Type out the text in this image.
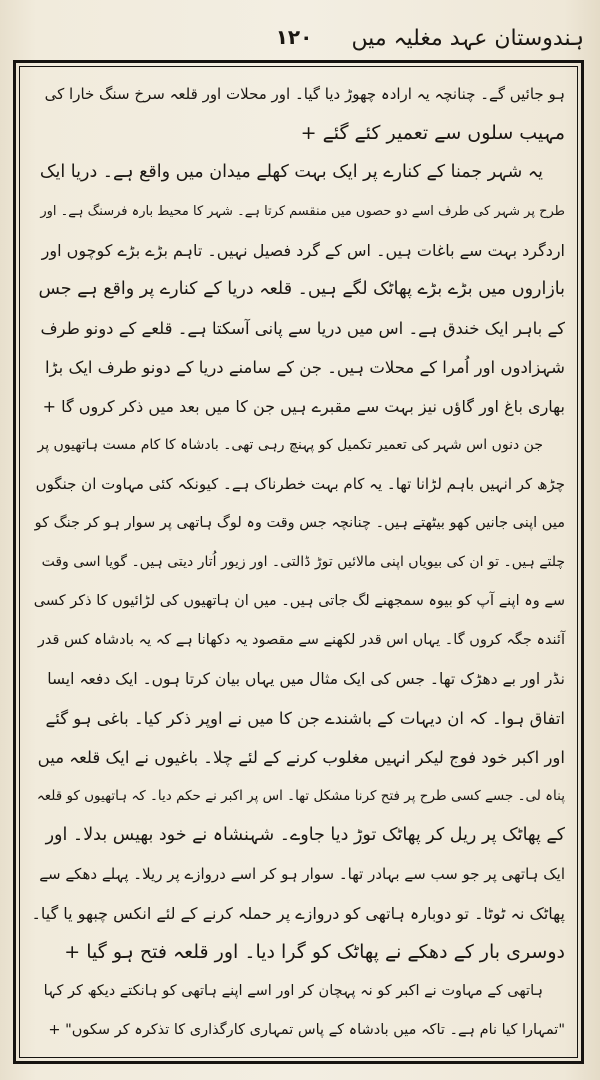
ہندوستان عہد مغلیہ میں
۱۲۰
ہو جائیں گے۔ چنانچہ یہ ارادہ چھوڑ دیا گیا۔ اور محلات اور قلعہ سرخ سنگ خارا کی
مہیب سلوں سے تعمیر کئے گئے +
یہ شہر جمنا کے کنارے پر ایک بہت کھلے میدان میں واقع ہے۔ دریا ایک
طرح پر شہر کی طرف اسے دو حصوں میں منقسم کرتا ہے۔ شہر کا محیط بارہ فرسنگ ہے۔ اور
اردگرد بہت سے باغات ہیں۔ اس کے گرد فصیل نہیں۔ تاہم بڑے بڑے کوچوں اور
بازاروں میں بڑے بڑے پھاٹک لگے ہیں۔ قلعہ دریا کے کنارے پر واقع ہے جس
کے باہر ایک خندق ہے۔ اس میں دریا سے پانی آسکتا ہے۔ قلعے کے دونو طرف
شہزادوں اور اُمرا کے محلات ہیں۔ جن کے سامنے دریا کے دونو طرف ایک بڑا
بھاری باغ اور گاؤں نیز بہت سے مقبرے ہیں جن کا میں بعد میں ذکر کروں گا +
جن دنوں اس شہر کی تعمیر تکمیل کو پہنچ رہی تھی۔ بادشاہ کا کام مست ہاتھیوں پر
چڑھ کر انہیں باہم لڑانا تھا۔ یہ کام بہت خطرناک ہے۔ کیونکہ کئی مہاوت ان جنگوں
میں اپنی جانیں کھو بیٹھتے ہیں۔ چنانچہ جس وقت وہ لوگ ہاتھی پر سوار ہو کر جنگ کو
چلتے ہیں۔ تو ان کی بیویاں اپنی مالائیں توڑ ڈالتی۔ اور زیور اُتار دیتی ہیں۔ گویا اسی وقت
سے وہ اپنے آپ کو بیوہ سمجھنے لگ جاتی ہیں۔ میں ان ہاتھیوں کی لڑائیوں کا ذکر کسی
آئندہ جگہ کروں گا۔ یہاں اس قدر لکھنے سے مقصود یہ دکھانا ہے کہ یہ بادشاہ کس قدر
نڈر اور بے دھڑک تھا۔ جس کی ایک مثال میں یہاں بیان کرتا ہوں۔ ایک دفعہ ایسا
اتفاق ہوا۔ کہ ان دیہات کے باشندے جن کا میں نے اوپر ذکر کیا۔ باغی ہو گئے
اور اکبر خود فوج لیکر انہیں مغلوب کرنے کے لئے چلا۔ باغیوں نے ایک قلعہ میں
پناہ لی۔ جسے کسی طرح پر فتح کرنا مشکل تھا۔ اس پر اکبر نے حکم دیا۔ کہ ہاتھیوں کو قلعہ
کے پھاٹک پر ریل کر پھاٹک توڑ دیا جاوے۔ شہنشاہ نے خود بھیس بدلا۔ اور
ایک ہاتھی پر جو سب سے بہادر تھا۔ سوار ہو کر اسے دروازے پر ریلا۔ پہلے دھکے سے
پھاٹک نہ ٹوٹا۔ تو دوبارہ ہاتھی کو دروازے پر حملہ کرنے کے لئے انکس چبھو یا گیا۔
دوسری بار کے دھکے نے پھاٹک کو گرا دیا۔ اور قلعہ فتح ہو گیا +
ہاتھی کے مہاوت نے اکبر کو نہ پہچان کر اور اسے اپنے ہاتھی کو ہانکتے دیکھ کر کہا
"تمہارا کیا نام ہے۔ تاکہ میں بادشاہ کے پاس تمہاری کارگذاری کا تذکرہ کر سکوں" +
